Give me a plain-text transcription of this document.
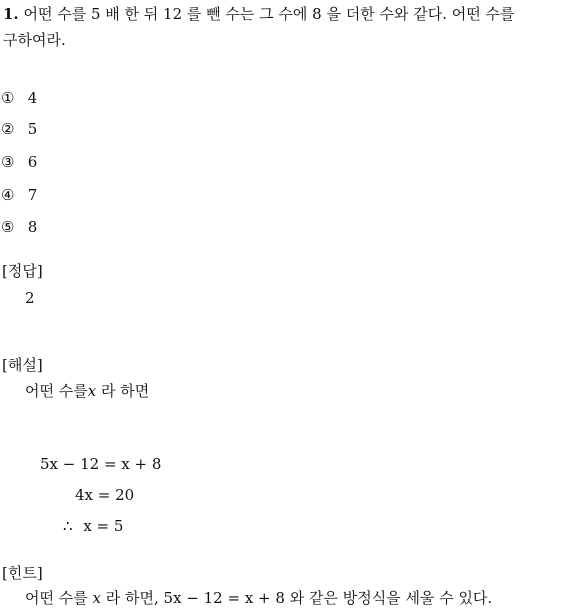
1. 어떤 수를 5 배 한 뒤 12 를 뺀 수는 그 수에 8 을 더한 수와 같다. 어떤 수를
구하여라.
① 4
② 5
③ 6
④ 7
⑤ 8
[정답]
2
[해설]
어떤 수를x 라 하면
5x − 12 = x + 8
4x = 20
∴ x = 5
[힌트]
어떤 수를 x 라 하면, 5x − 12 = x + 8 와 같은 방정식을 세울 수 있다.
